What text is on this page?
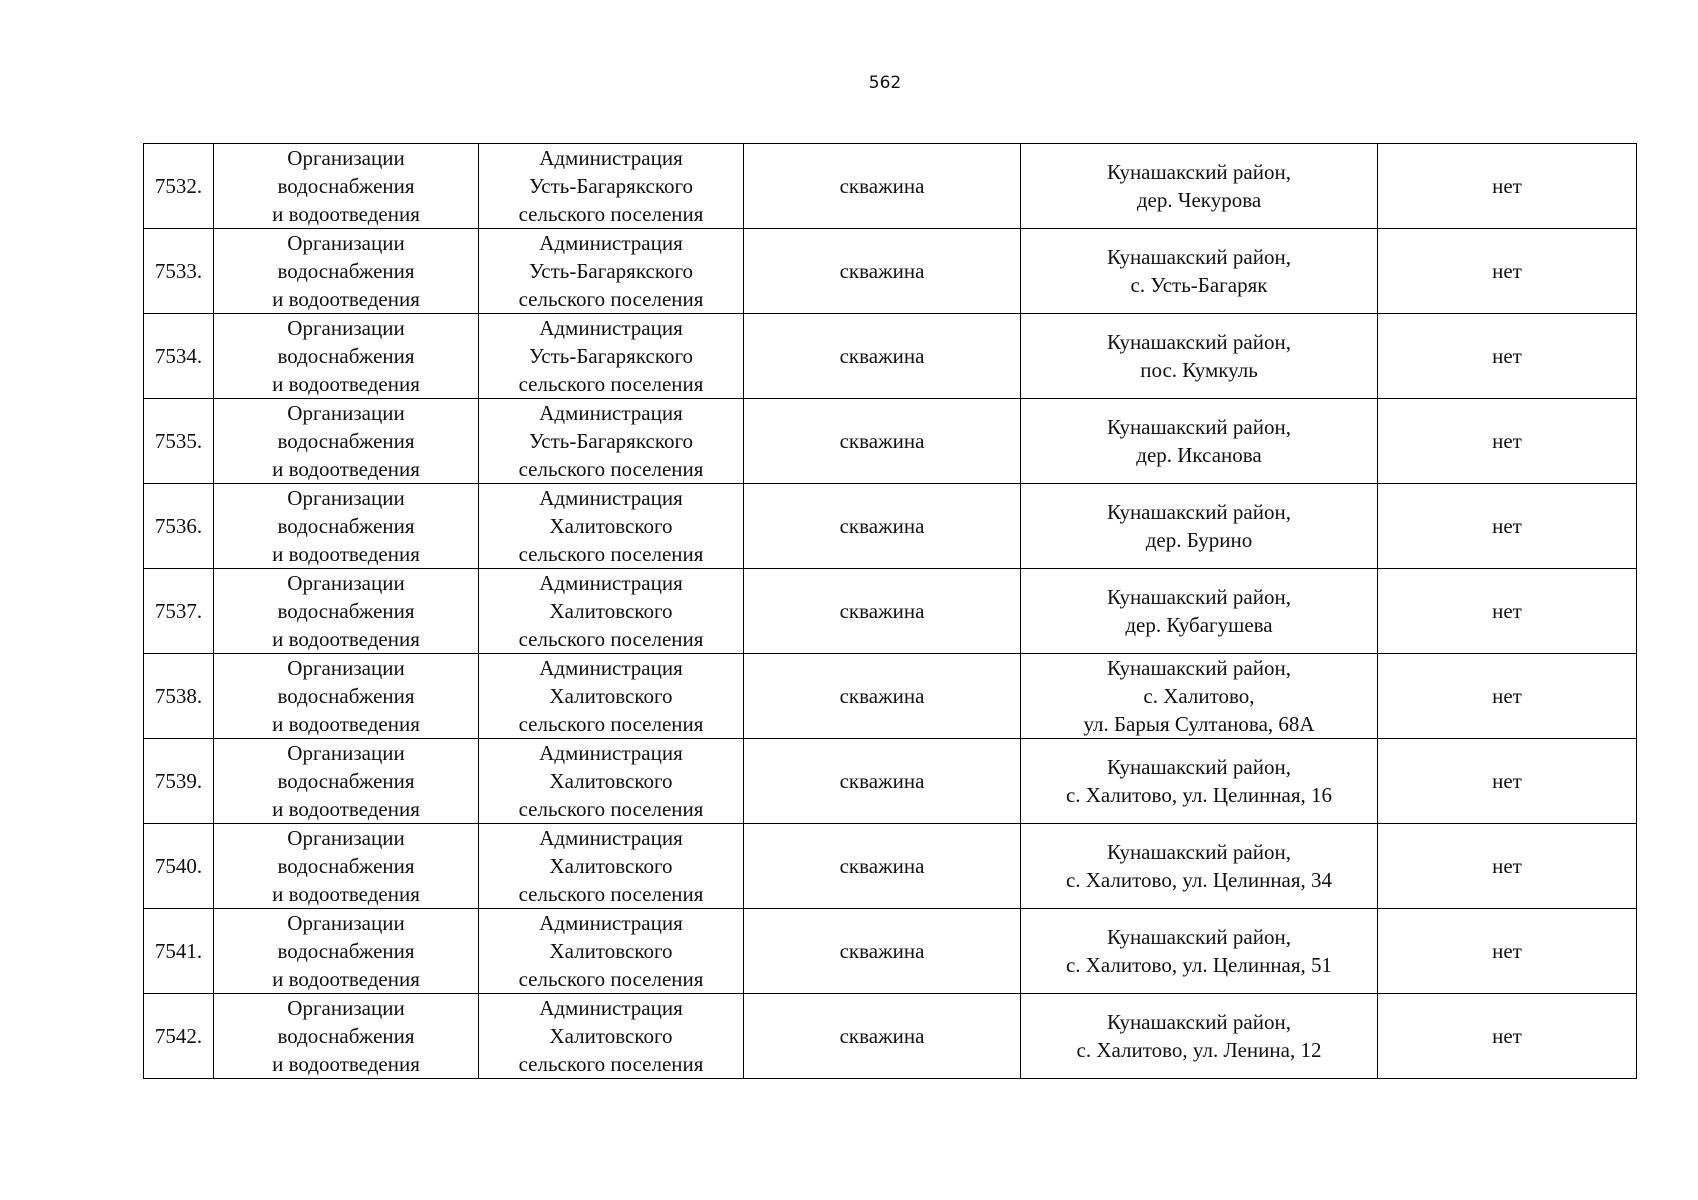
562
7532.	Организации
водоснабжения
и водоотведения	Администрация
Усть-Багарякского
сельского поселения	скважина	Кунашакский район,
дер. Чекурова	нет
7533.	Организации
водоснабжения
и водоотведения	Администрация
Усть-Багарякского
сельского поселения	скважина	Кунашакский район,
с. Усть-Багаряк	нет
7534.	Организации
водоснабжения
и водоотведения	Администрация
Усть-Багарякского
сельского поселения	скважина	Кунашакский район,
пос. Кумкуль	нет
7535.	Организации
водоснабжения
и водоотведения	Администрация
Усть-Багарякского
сельского поселения	скважина	Кунашакский район,
дер. Иксанова	нет
7536.	Организации
водоснабжения
и водоотведения	Администрация
Халитовского
сельского поселения	скважина	Кунашакский район,
дер. Бурино	нет
7537.	Организации
водоснабжения
и водоотведения	Администрация
Халитовского
сельского поселения	скважина	Кунашакский район,
дер. Кубагушева	нет
7538.	Организации
водоснабжения
и водоотведения	Администрация
Халитовского
сельского поселения	скважина	Кунашакский район,
с. Халитово,
ул. Барыя Султанова, 68А	нет
7539.	Организации
водоснабжения
и водоотведения	Администрация
Халитовского
сельского поселения	скважина	Кунашакский район,
с. Халитово, ул. Целинная, 16	нет
7540.	Организации
водоснабжения
и водоотведения	Администрация
Халитовского
сельского поселения	скважина	Кунашакский район,
с. Халитово, ул. Целинная, 34	нет
7541.	Организации
водоснабжения
и водоотведения	Администрация
Халитовского
сельского поселения	скважина	Кунашакский район,
с. Халитово, ул. Целинная, 51	нет
7542.	Организации
водоснабжения
и водоотведения	Администрация
Халитовского
сельского поселения	скважина	Кунашакский район,
с. Халитово, ул. Ленина, 12	нет
